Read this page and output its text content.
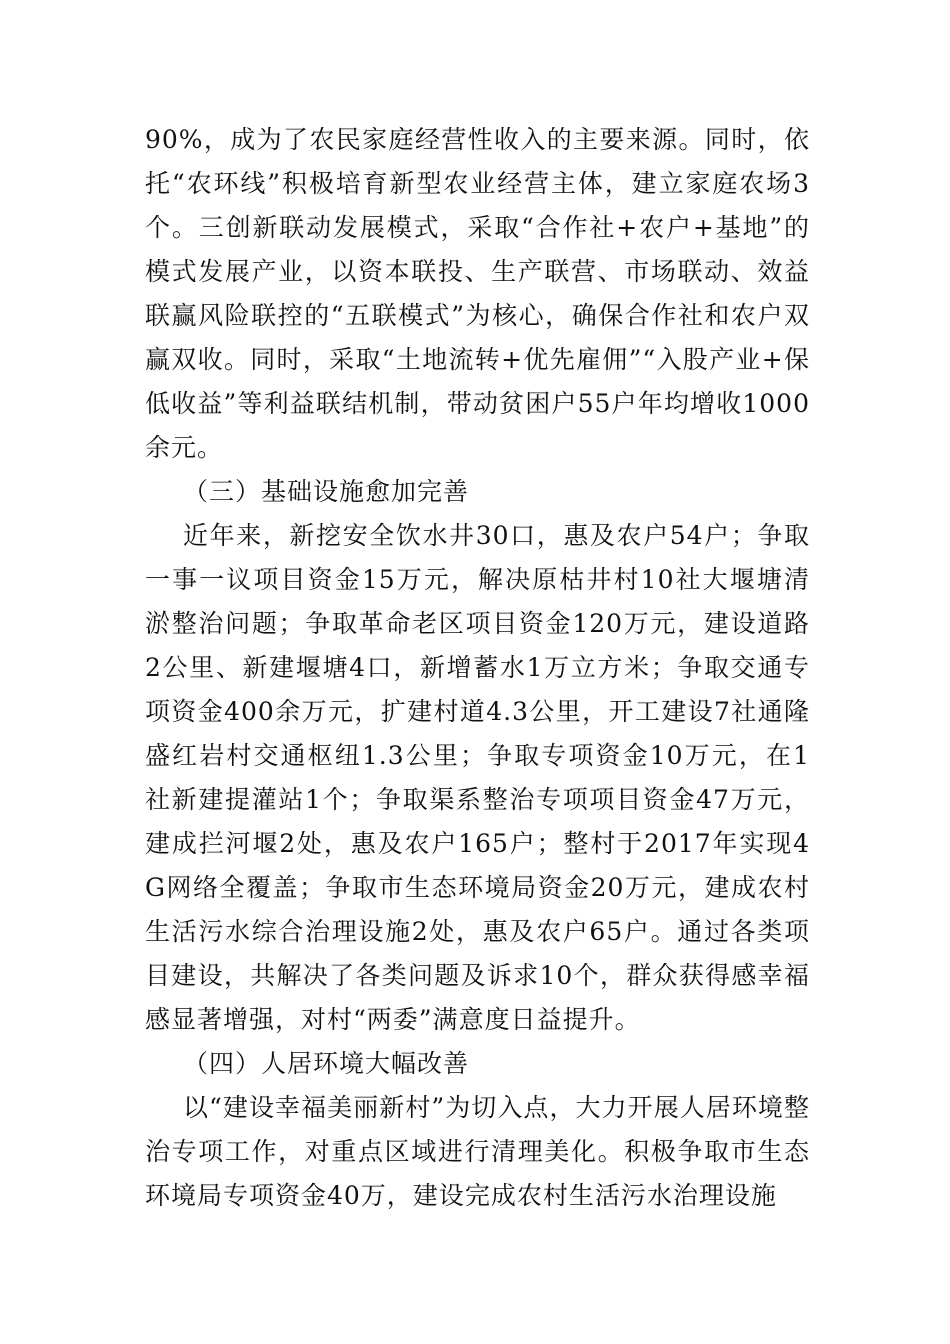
90%，成为了农民家庭经营性收入的主要来源。同时，依托“农环线”积极培育新型农业经营主体，建立家庭农场3个。三创新联动发展模式，采取“合作社+农户+基地”的模式发展产业，以资本联投、生产联营、市场联动、效益联赢风险联控的“五联模式”为核心，确保合作社和农户双赢双收。同时，采取“土地流转+优先雇佣”“入股产业+保低收益”等利益联结机制，带动贫困户55户年均增收1000余元。

（三）基础设施愈加完善

近年来，新挖安全饮水井30口，惠及农户54户；争取一事一议项目资金15万元，解决原枯井村10社大堰塘清淤整治问题；争取革命老区项目资金120万元，建设道路2公里、新建堰塘4口，新增蓄水1万立方米；争取交通专项资金400余万元，扩建村道4.3公里，开工建设7社通隆盛红岩村交通枢纽1.3公里；争取专项资金10万元，在1社新建提灌站1个；争取渠系整治专项项目资金47万元，建成拦河堰2处，惠及农户165户；整村于2017年实现4G网络全覆盖；争取市生态环境局资金20万元，建成农村生活污水综合治理设施2处，惠及农户65户。通过各类项目建设，共解决了各类问题及诉求10个，群众获得感幸福感显著增强，对村“两委”满意度日益提升。

（四）人居环境大幅改善

以“建设幸福美丽新村”为切入点，大力开展人居环境整治专项工作，对重点区域进行清理美化。积极争取市生态环境局专项资金40万，建设完成农村生活污水治理设施
